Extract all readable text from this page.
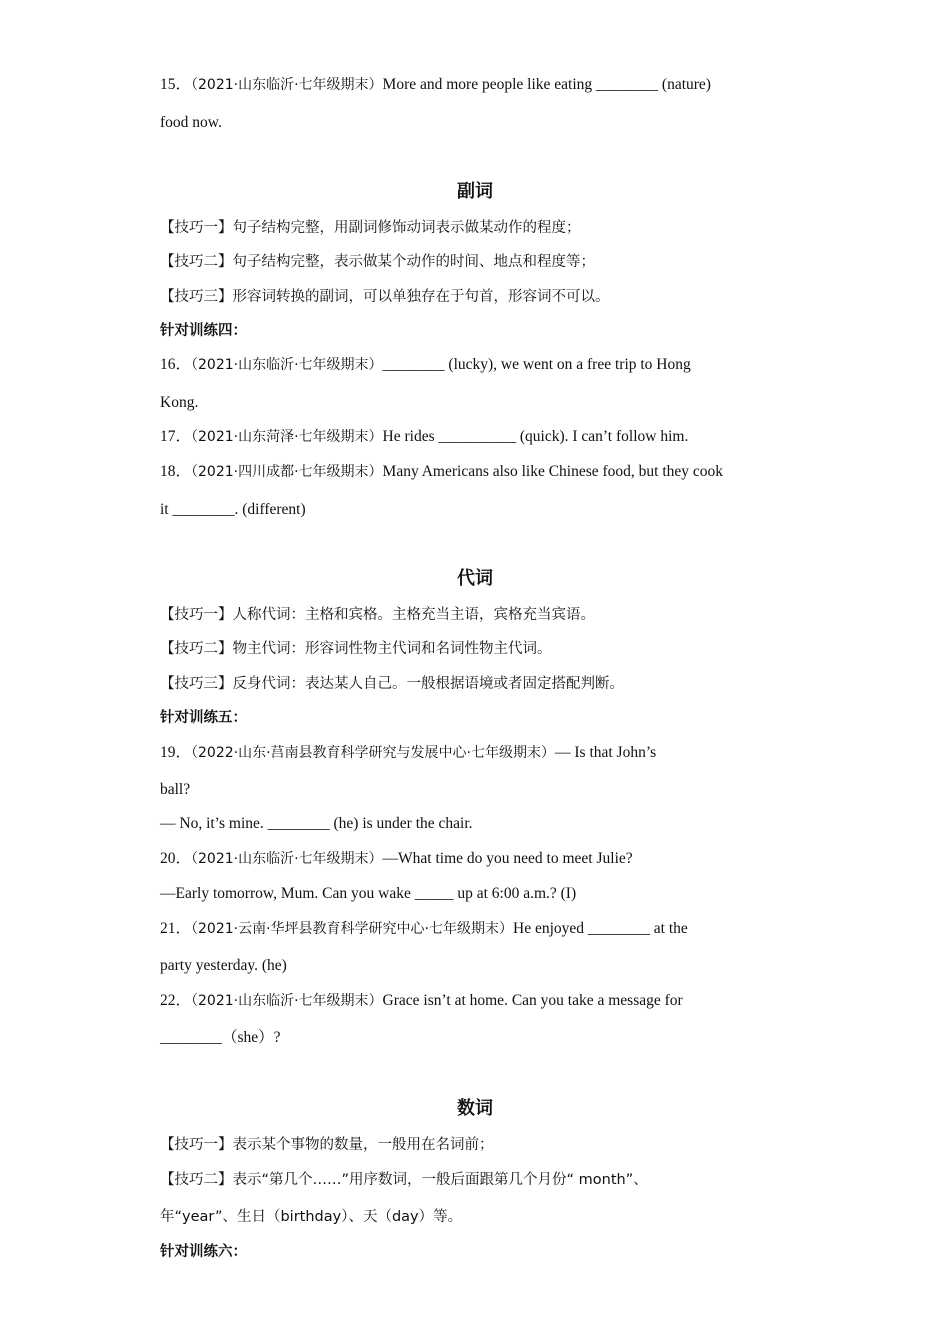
15．（2021·山东临沂·七年级期末）More and more people like eating ________ (nature)
food now.
副词
【技巧一】句子结构完整，用副词修饰动词表示做某动作的程度；
【技巧二】句子结构完整，表示做某个动作的时间、地点和程度等；
【技巧三】形容词转换的副词，可以单独存在于句首，形容词不可以。
针对训练四：
16．（2021·山东临沂·七年级期末）________ (lucky), we went on a free trip to Hong
Kong.
17．（2021·山东菏泽·七年级期末）He rides __________ (quick). I can’t follow him.
18．（2021·四川成都·七年级期末）Many Americans also like Chinese food, but they cook
it ________. (different)
代词
【技巧一】人称代词：主格和宾格。主格充当主语，宾格充当宾语。
【技巧二】物主代词：形容词性物主代词和名词性物主代词。
【技巧三】反身代词：表达某人自己。一般根据语境或者固定搭配判断。
针对训练五：
19．（2022·山东·莒南县教育科学研究与发展中心·七年级期末）— Is that John’s
ball?
— No, it’s mine. ________ (he) is under the chair.
20．（2021·山东临沂·七年级期末）—What time do you need to meet Julie?
—Early tomorrow, Mum. Can you wake _____ up at 6:00 a.m.? (I)
21．（2021·云南·华坪县教育科学研究中心·七年级期末）He enjoyed ________ at the
party yesterday. (he)
22．（2021·山东临沂·七年级期末）Grace isn’t at home. Can you take a message for
________（she）?
数词
【技巧一】表示某个事物的数量，一般用在名词前；
【技巧二】表示“第几个……”用序数词，一般后面跟第几个月份“ month”、
年“year”、生日（birthday）、天（day）等。
针对训练六：
